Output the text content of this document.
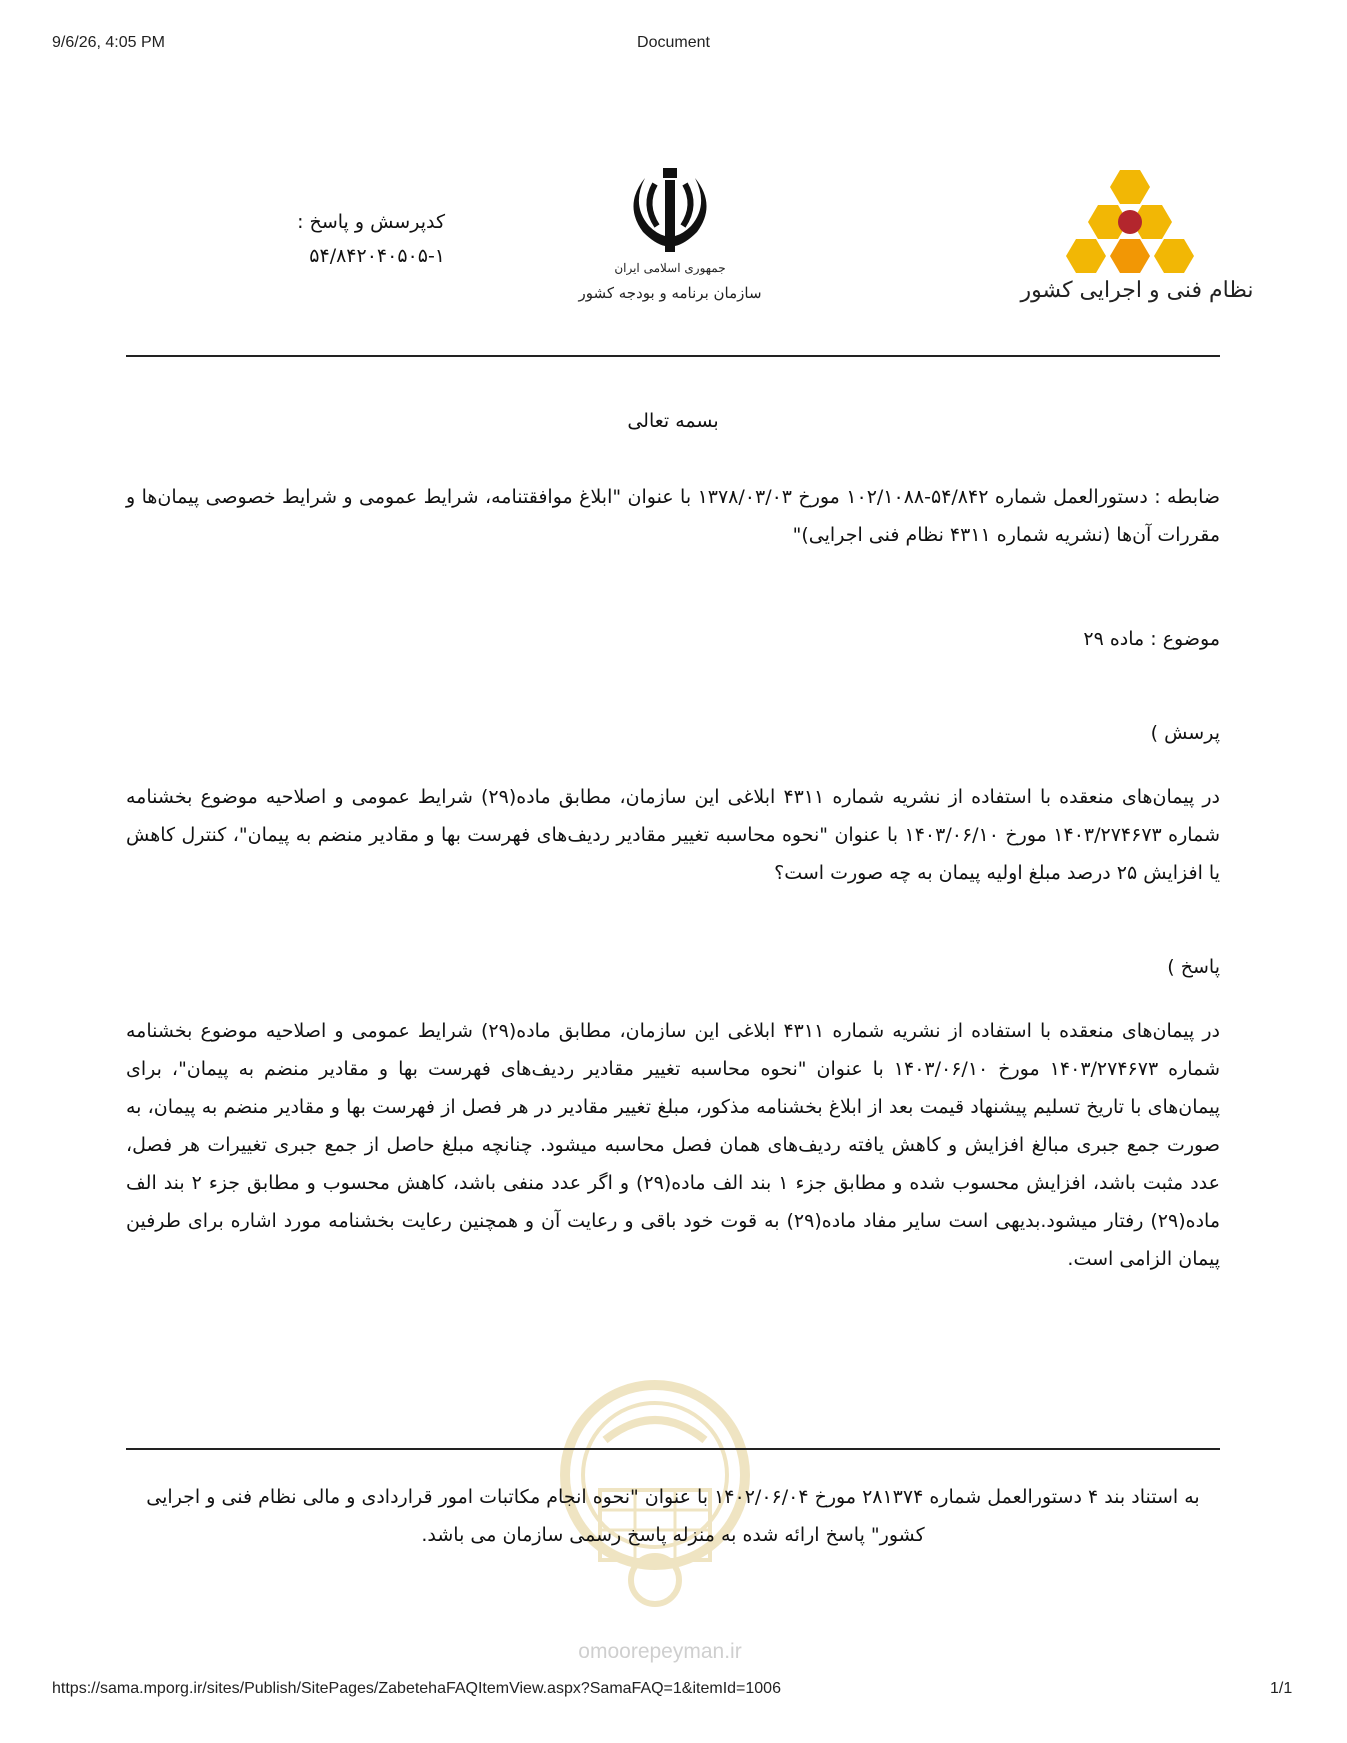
9/6/26, 4:05 PM	Document
نظام فنی و اجرایی کشور
جمهوری اسلامی ایران
سازمان برنامه و بودجه کشور
کدپرسش و پاسخ :
۵۴/۸۴۲۰۴۰۵۰۵-۱
بسمه تعالی
ضابطه : دستورالعمل شماره ۵۴/۸۴۲-۱۰۲/۱۰۸۸ مورخ ۱۳۷۸/۰۳/۰۳ با عنوان "ابلاغ موافقتنامه، شرایط عمومی و شرایط خصوصی پیمان‌ها و مقررات آن‌ها (نشریه شماره ۴۳۱۱ نظام فنی اجرایی)"
موضوع : ماده ۲۹
پرسش )
در پیمان‌های منعقده با استفاده از نشریه شماره ۴۳۱۱ ابلاغی این سازمان، مطابق ماده(۲۹) شرایط عمومی و اصلاحیه موضوع بخشنامه شماره ۱۴۰۳/۲۷۴۶۷۳ مورخ ۱۴۰۳/۰۶/۱۰ با عنوان "نحوه محاسبه تغییر مقادیر ردیف‌های فهرست بها و مقادیر منضم به پیمان"، کنترل کاهش یا افزایش ۲۵ درصد مبلغ اولیه پیمان به چه صورت است؟
پاسخ )
در پیمان‌های منعقده با استفاده از نشریه شماره ۴۳۱۱ ابلاغی این سازمان، مطابق ماده(۲۹) شرایط عمومی و اصلاحیه موضوع بخشنامه شماره ۱۴۰۳/۲۷۴۶۷۳ مورخ ۱۴۰۳/۰۶/۱۰ با عنوان "نحوه محاسبه تغییر مقادیر ردیف‌های فهرست بها و مقادیر منضم به پیمان"، برای پیمان‌های با تاریخ تسلیم پیشنهاد قیمت بعد از ابلاغ بخشنامه مذکور، مبلغ تغییر مقادیر در هر فصل از فهرست بها و مقادیر منضم به پیمان، به صورت جمع جبری مبالغ افزایش و کاهش یافته ردیف‌های همان فصل محاسبه میشود. چنانچه مبلغ حاصل از جمع جبری تغییرات هر فصل، عدد مثبت باشد، افزایش محسوب شده و مطابق جزء ۱ بند الف ماده(۲۹) و اگر عدد منفی باشد، کاهش محسوب و مطابق جزء ۲ بند الف ماده(۲۹) رفتار میشود.بدیهی است سایر مفاد ماده(۲۹) به قوت خود باقی و رعایت آن و همچنین رعایت بخشنامه مورد اشاره برای طرفین پیمان الزامی است.
به استناد بند ۴ دستورالعمل شماره ۲۸۱۳۷۴ مورخ ۱۴۰۲/۰۶/۰۴ با عنوان "نحوه انجام مکاتبات امور قراردادی و مالی نظام فنی و اجرایی کشور" پاسخ ارائه شده به منزله پاسخ رسمی سازمان می باشد.
omoorepeyman.ir
https://sama.mporg.ir/sites/Publish/SitePages/ZabetehaFAQItemView.aspx?SamaFAQ=1&itemId=1006	1/1
